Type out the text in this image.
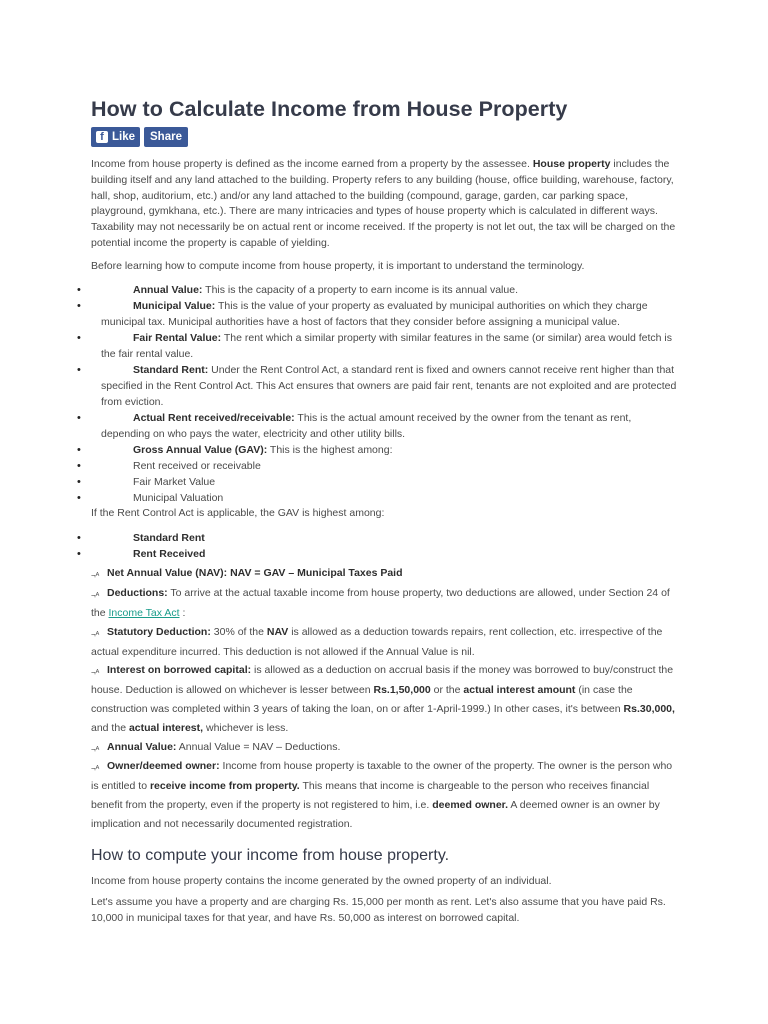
How to Calculate Income from House Property
f Like Share

Income from house property is defined as the income earned from a property by the assessee. House property includes the building itself and any land attached to the building. Property refers to any building (house, office building, warehouse, factory, hall, shop, auditorium, etc.) and/or any land attached to the building (compound, garage, garden, car parking space, playground, gymkhana, etc.). There are many intricacies and types of house property which is calculated in different ways. Taxability may not necessarily be on actual rent or income received. If the property is not let out, the tax will be charged on the potential income the property is capable of yielding.

Before learning how to compute income from house property, it is important to understand the terminology.

•	Annual Value: This is the capacity of a property to earn income is its annual value.
•	Municipal Value: This is the value of your property as evaluated by municipal authorities on which they charge municipal tax. Municipal authorities have a host of factors that they consider before assigning a municipal value.
•	Fair Rental Value: The rent which a similar property with similar features in the same (or similar) area would fetch is the fair rental value.
•	Standard Rent: Under the Rent Control Act, a standard rent is fixed and owners cannot receive rent higher than that specified in the Rent Control Act. This Act ensures that owners are paid fair rent, tenants are not exploited and are protected from eviction.
•	Actual Rent received/receivable: This is the actual amount received by the owner from the tenant as rent, depending on who pays the water, electricity and other utility bills.
•	Gross Annual Value (GAV): This is the highest among:
•	Rent received or receivable
•	Fair Market Value
•	Municipal Valuation

If the Rent Control Act is applicable, the GAV is highest among:

•	Standard Rent
•	Rent Received

¬ᴬ Net Annual Value (NAV): NAV = GAV – Municipal Taxes Paid

¬ᴬ Deductions: To arrive at the actual taxable income from house property, two deductions are allowed, under Section 24 of the Income Tax Act :

¬ᴬ Statutory Deduction: 30% of the NAV is allowed as a deduction towards repairs, rent collection, etc. irrespective of the actual expenditure incurred. This deduction is not allowed if the Annual Value is nil.

¬ᴬ Interest on borrowed capital: is allowed as a deduction on accrual basis if the money was borrowed to buy/construct the house. Deduction is allowed on whichever is lesser between Rs.1,50,000 or the actual interest amount (in case the construction was completed within 3 years of taking the loan, on or after 1-April-1999.) In other cases, it's between Rs.30,000, and the actual interest, whichever is less.

¬ᴬ Annual Value: Annual Value = NAV – Deductions.

¬ᴬ Owner/deemed owner: Income from house property is taxable to the owner of the property. The owner is the person who is entitled to receive income from property. This means that income is chargeable to the person who receives financial benefit from the property, even if the property is not registered to him, i.e. deemed owner. A deemed owner is an owner by implication and not necessarily documented registration.

How to compute your income from house property.

Income from house property contains the income generated by the owned property of an individual.

Let's assume you have a property and are charging Rs. 15,000 per month as rent. Let's also assume that you have paid Rs. 10,000 in municipal taxes for that year, and have Rs. 50,000 as interest on borrowed capital.
